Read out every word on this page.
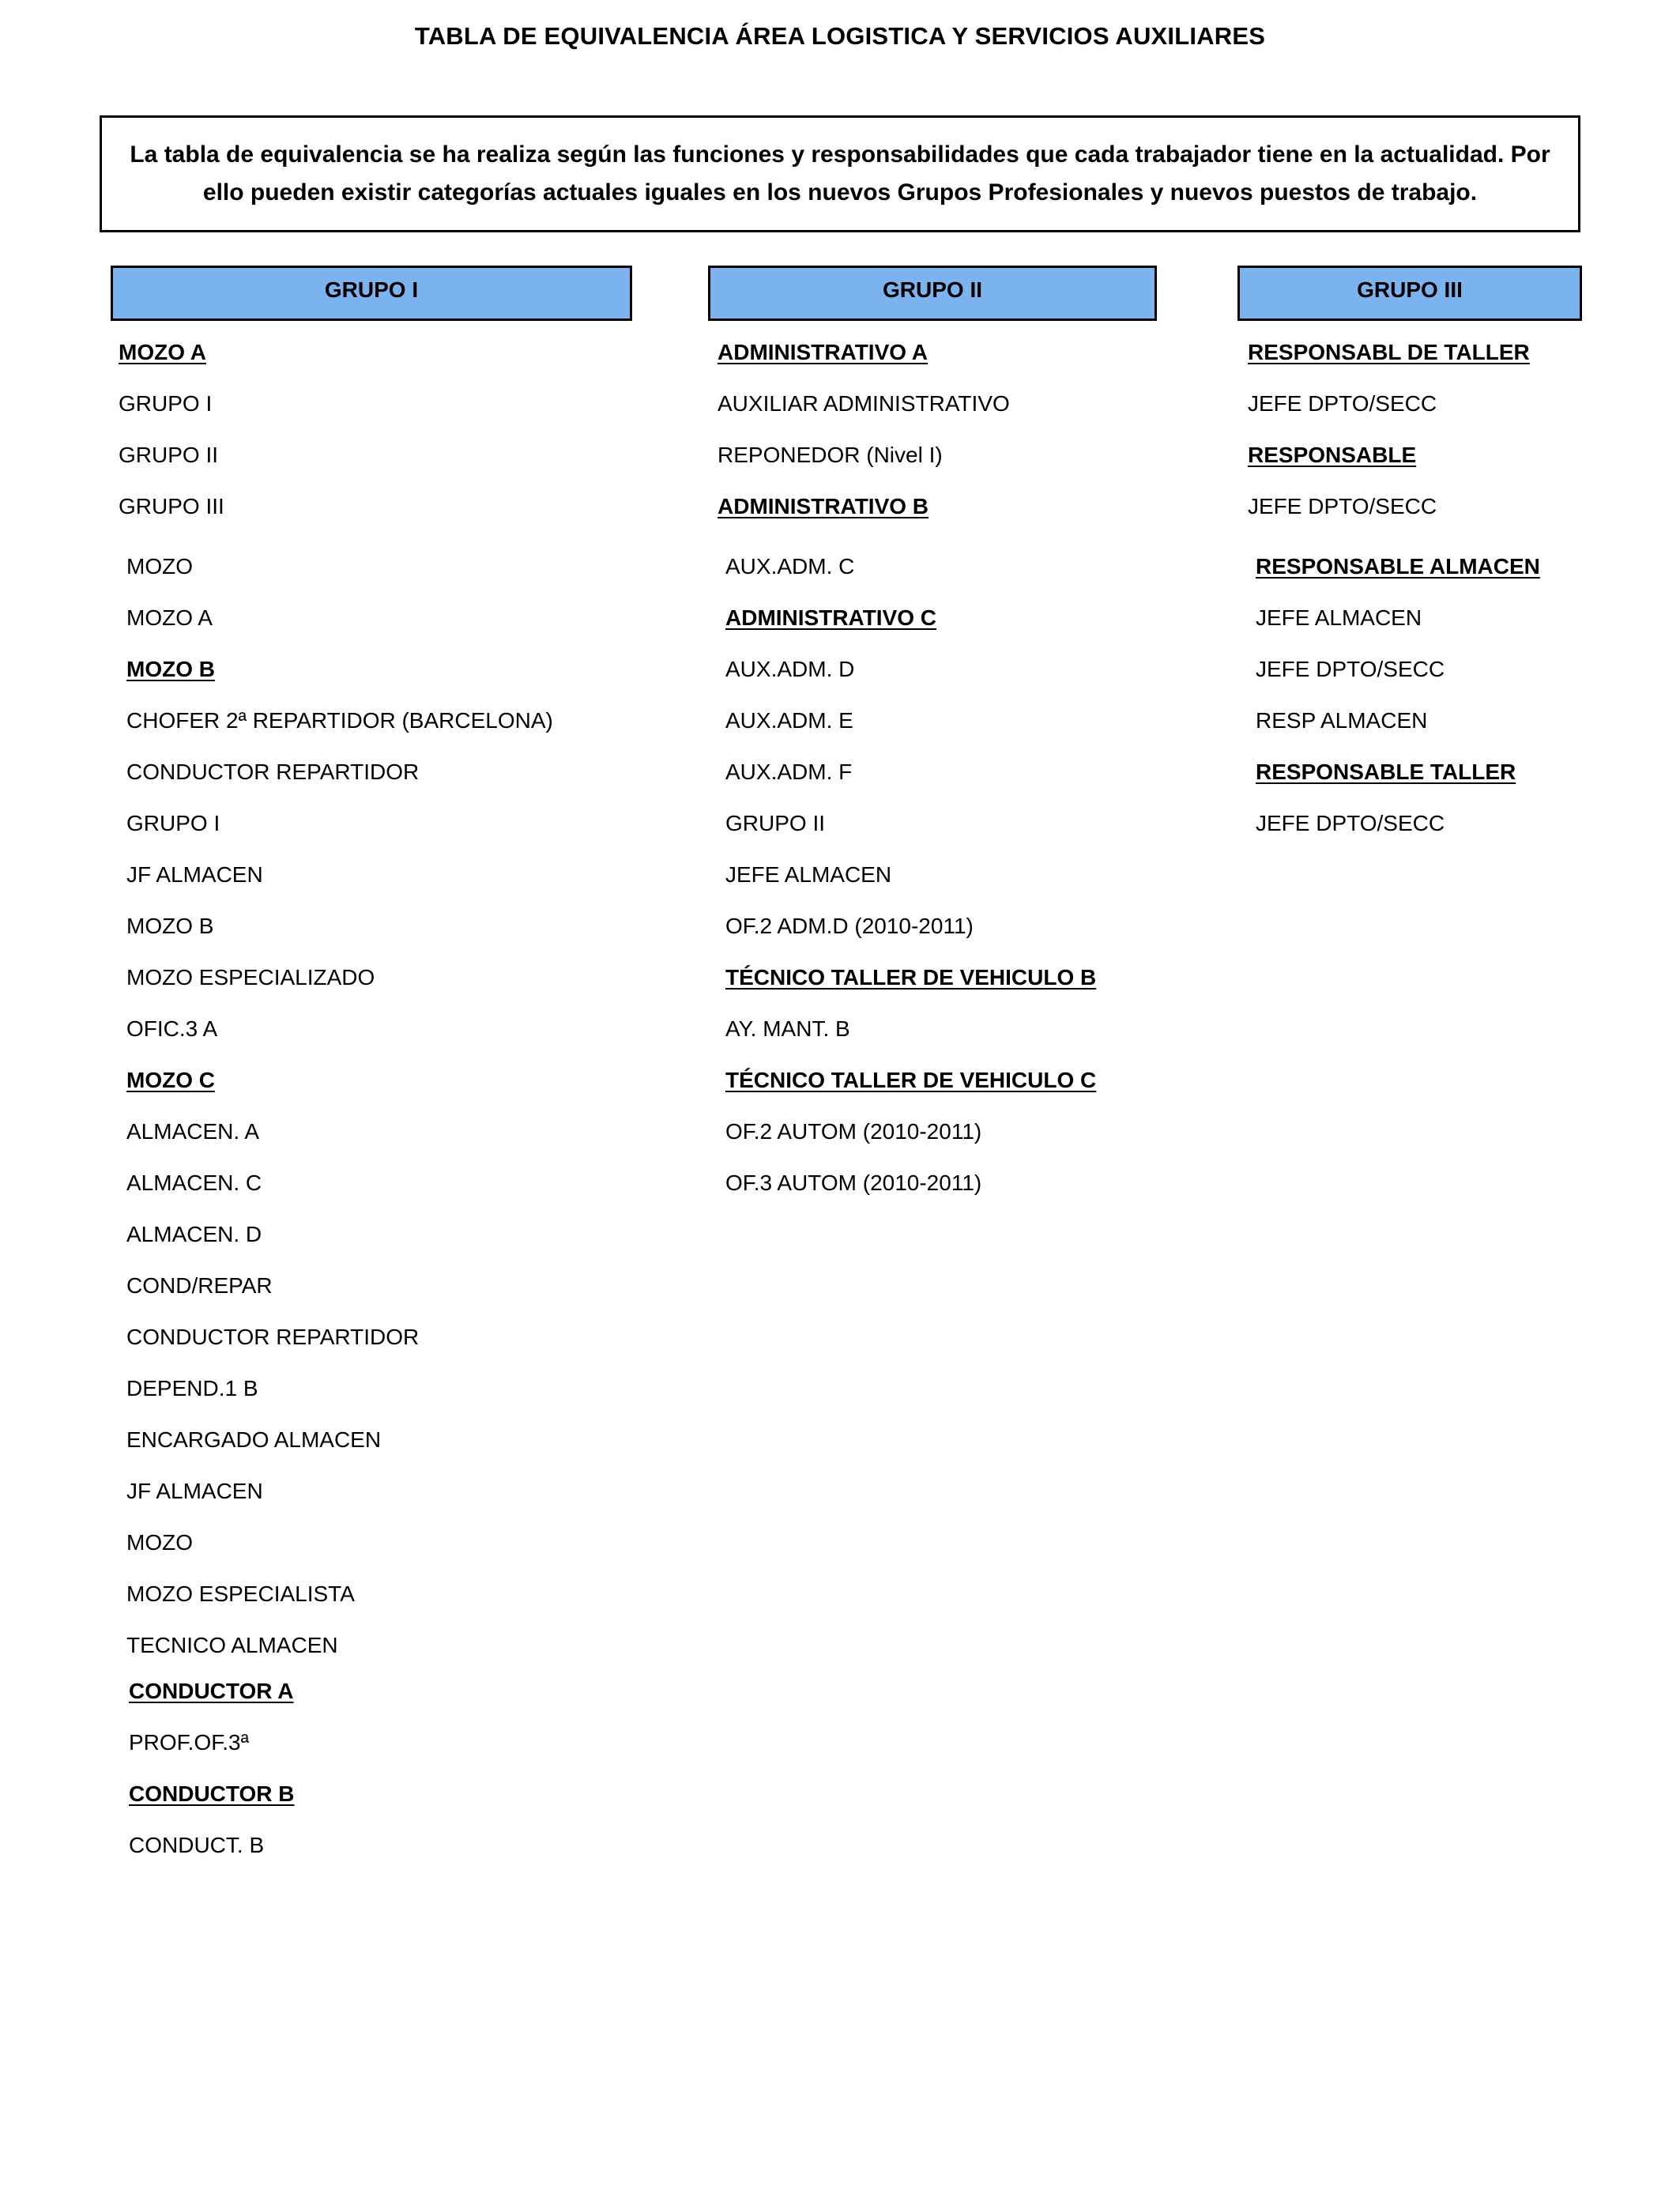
TABLA DE EQUIVALENCIA ÁREA LOGISTICA Y SERVICIOS AUXILIARES
La tabla de equivalencia se ha realiza según las funciones y responsabilidades que cada trabajador tiene en la actualidad. Por
ello pueden existir categorías actuales iguales en los nuevos Grupos Profesionales y nuevos puestos de trabajo.
GRUPO I	GRUPO II	GRUPO III
MOZO A
GRUPO I
GRUPO II
GRUPO III
MOZO
MOZO A
MOZO B
CHOFER 2ª REPARTIDOR (BARCELONA)
CONDUCTOR REPARTIDOR
GRUPO I
JF ALMACEN
MOZO B
MOZO ESPECIALIZADO
OFIC.3 A
MOZO C
ALMACEN. A
ALMACEN. C
ALMACEN. D
COND/REPAR
CONDUCTOR REPARTIDOR
DEPEND.1 B
ENCARGADO ALMACEN
JF ALMACEN
MOZO
MOZO ESPECIALISTA
TECNICO ALMACEN
CONDUCTOR A
PROF.OF.3ª
CONDUCTOR B
CONDUCT. B
ADMINISTRATIVO A
AUXILIAR ADMINISTRATIVO
REPONEDOR (Nivel I)
ADMINISTRATIVO B
AUX.ADM. C
ADMINISTRATIVO C
AUX.ADM. D
AUX.ADM. E
AUX.ADM. F
GRUPO II
JEFE ALMACEN
OF.2 ADM.D (2010-2011)
TÉCNICO TALLER DE VEHICULO B
AY. MANT. B
TÉCNICO TALLER DE VEHICULO C
OF.2 AUTOM (2010-2011)
OF.3 AUTOM (2010-2011)
RESPONSABL DE TALLER
JEFE DPTO/SECC
RESPONSABLE
JEFE DPTO/SECC
RESPONSABLE ALMACEN
JEFE ALMACEN
JEFE DPTO/SECC
RESP ALMACEN
RESPONSABLE TALLER
JEFE DPTO/SECC
